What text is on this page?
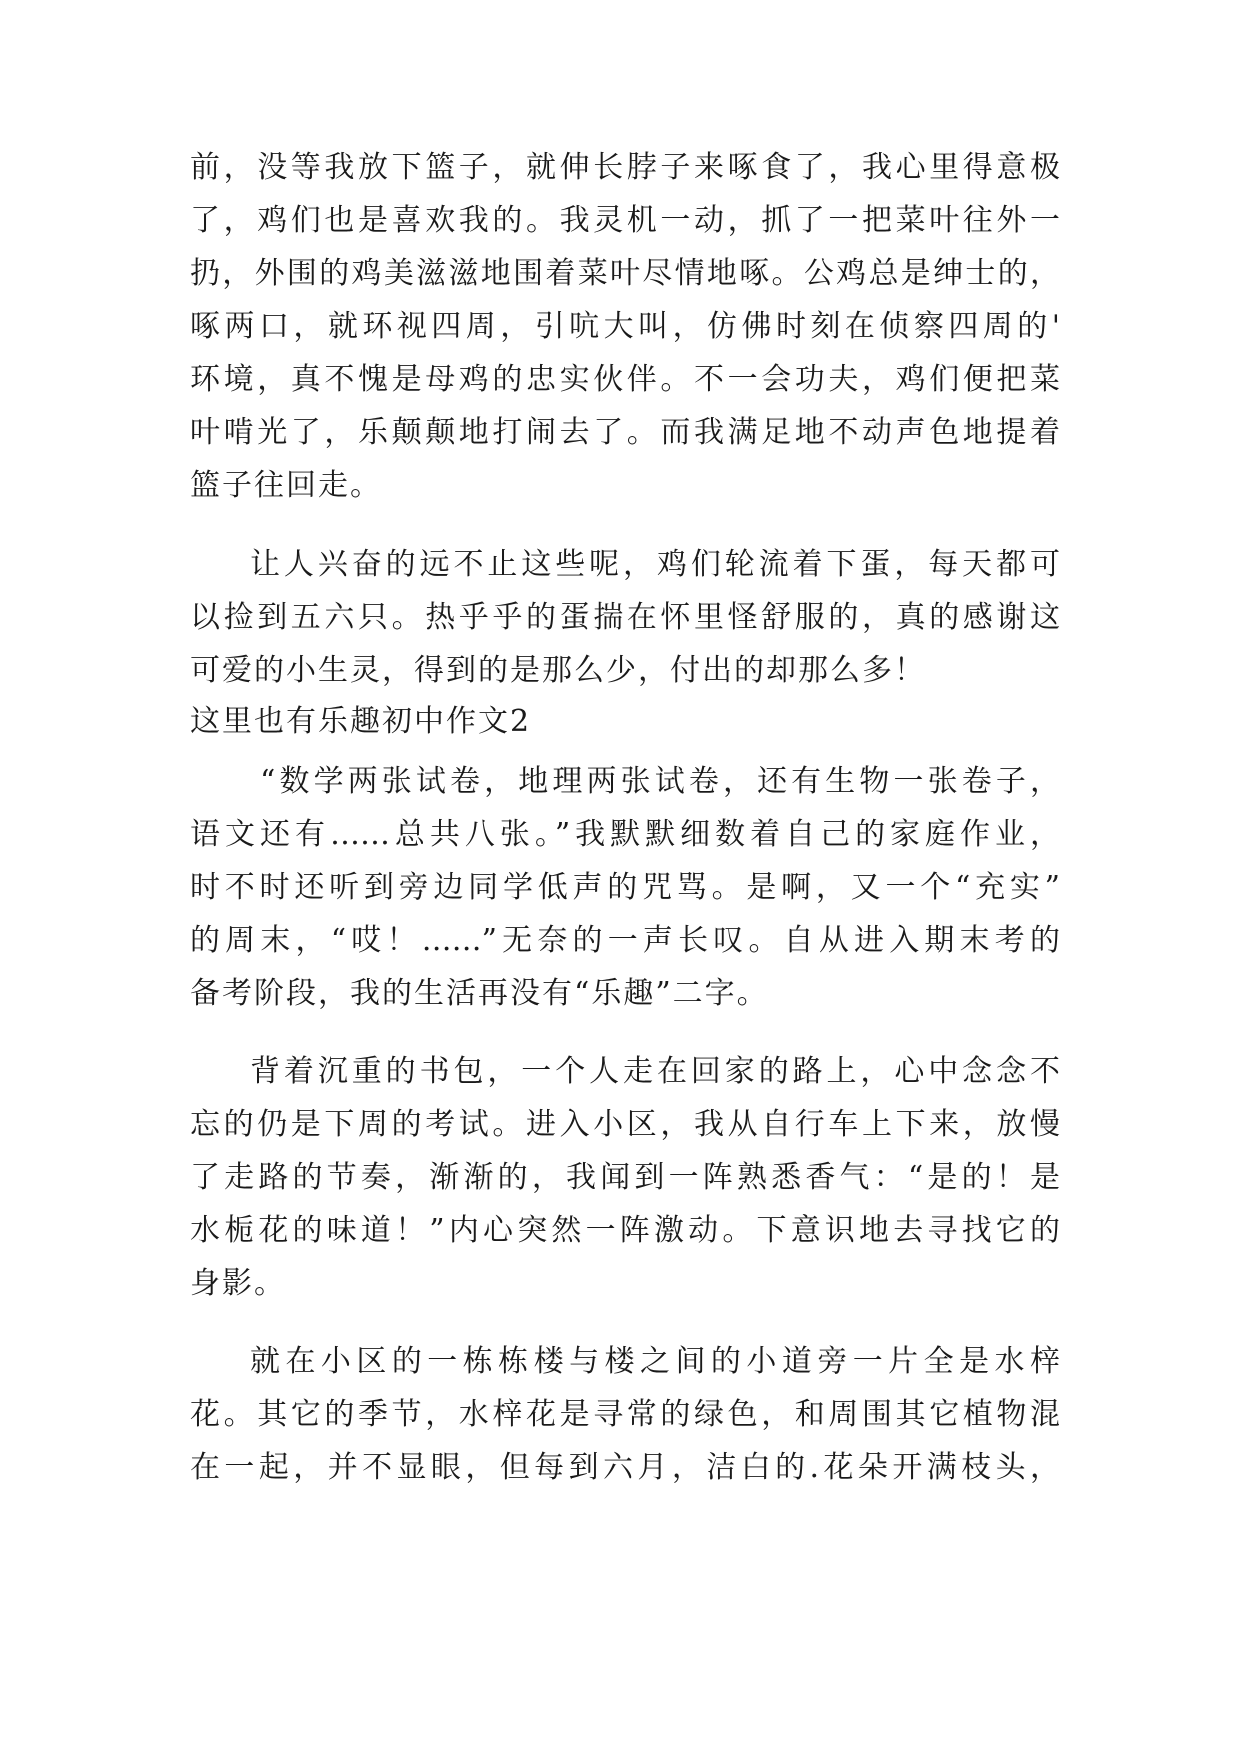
前，没等我放下篮子，就伸长脖子来啄食了，我心里得意极
了，鸡们也是喜欢我的。我灵机一动，抓了一把菜叶往外一
扔，外围的鸡美滋滋地围着菜叶尽情地啄。公鸡总是绅士的，
啄两口，就环视四周，引吭大叫，仿佛时刻在侦察四周的'
环境，真不愧是母鸡的忠实伙伴。不一会功夫，鸡们便把菜
叶啃光了，乐颠颠地打闹去了。而我满足地不动声色地提着
篮子往回走。
让人兴奋的远不止这些呢，鸡们轮流着下蛋，每天都可
以捡到五六只。热乎乎的蛋揣在怀里怪舒服的，真的感谢这
可爱的小生灵，得到的是那么少，付出的却那么多！
这里也有乐趣初中作文2
“数学两张试卷，地理两张试卷，还有生物一张卷子，
语文还有……总共八张。”我默默细数着自己的家庭作业，
时不时还听到旁边同学低声的咒骂。是啊，又一个“充实”
的周末，“哎！……”无奈的一声长叹。自从进入期末考的
备考阶段，我的生活再没有“乐趣”二字。
背着沉重的书包，一个人走在回家的路上，心中念念不
忘的仍是下周的考试。进入小区，我从自行车上下来，放慢
了走路的节奏，渐渐的，我闻到一阵熟悉香气：“是的！是
水栀花的味道！”内心突然一阵激动。下意识地去寻找它的
身影。
就在小区的一栋栋楼与楼之间的小道旁一片全是水梓
花。其它的季节，水梓花是寻常的绿色，和周围其它植物混
在一起，并不显眼，但每到六月，洁白的.花朵开满枝头，
